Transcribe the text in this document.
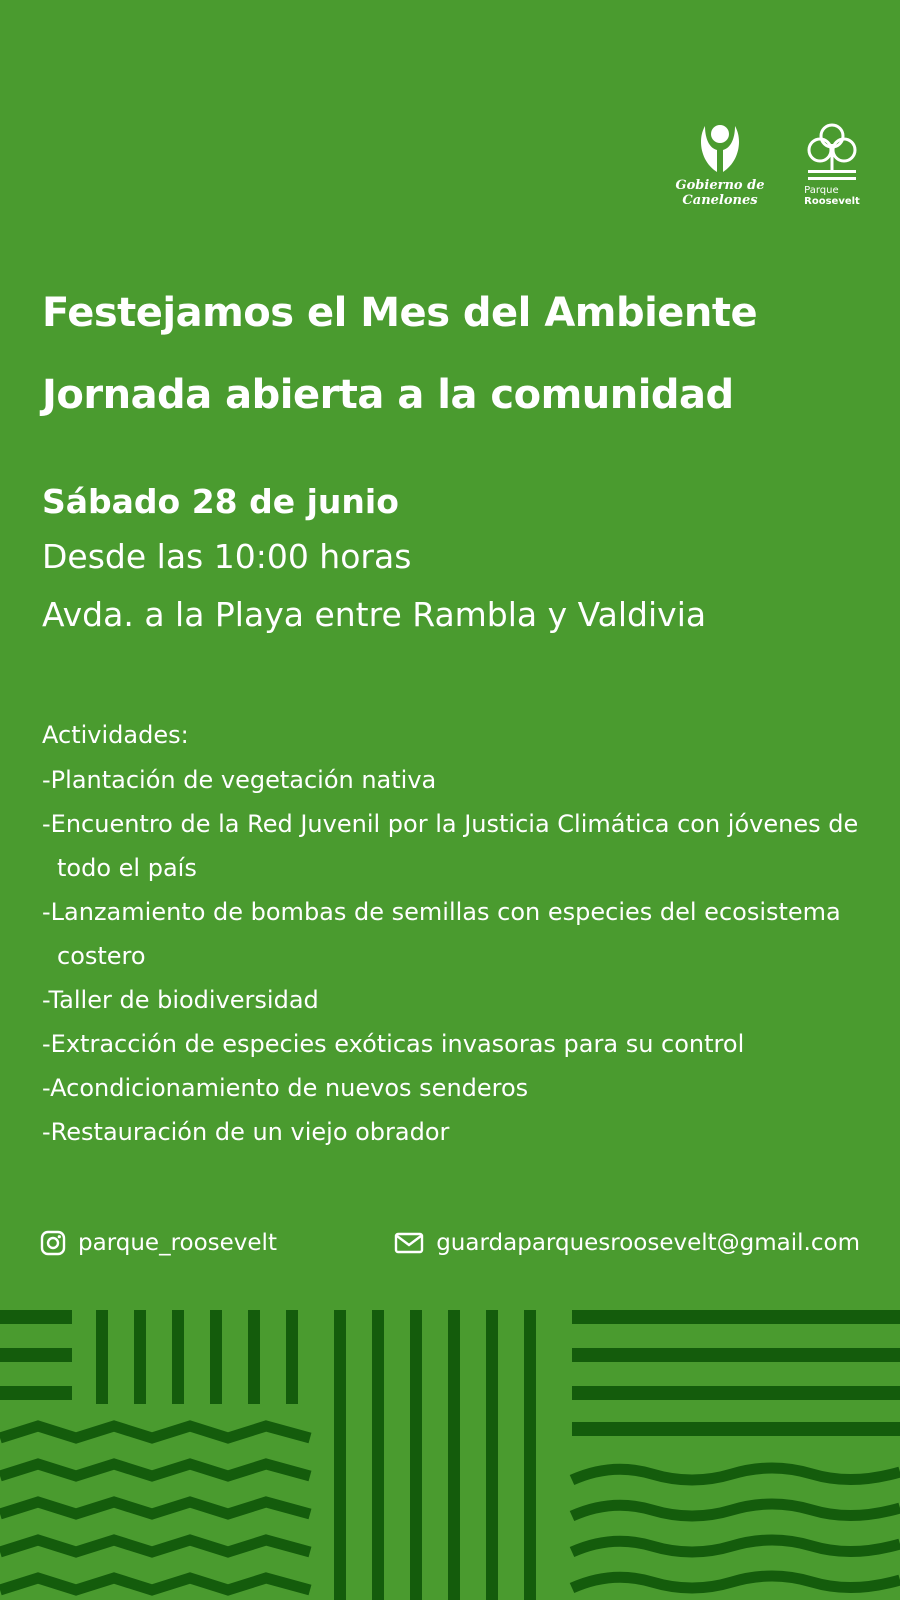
Gobierno de
Canelones
Parque
Roosevelt
Festejamos el Mes del Ambiente
Jornada abierta a la comunidad
Sábado 28 de junio
Desde las 10:00 horas
Avda. a la Playa entre Rambla y Valdivia
Actividades:
- Plantación de vegetación nativa
- Encuentro de la Red Juvenil por la Justicia Climática con jóvenes de todo el país
- Lanzamiento de bombas de semillas con especies del ecosistema costero
- Taller de biodiversidad
- Extracción de especies exóticas invasoras para su control
- Acondicionamiento de nuevos senderos
- Restauración de un viejo obrador
parque_roosevelt	guardaparquesroosevelt@gmail.com
